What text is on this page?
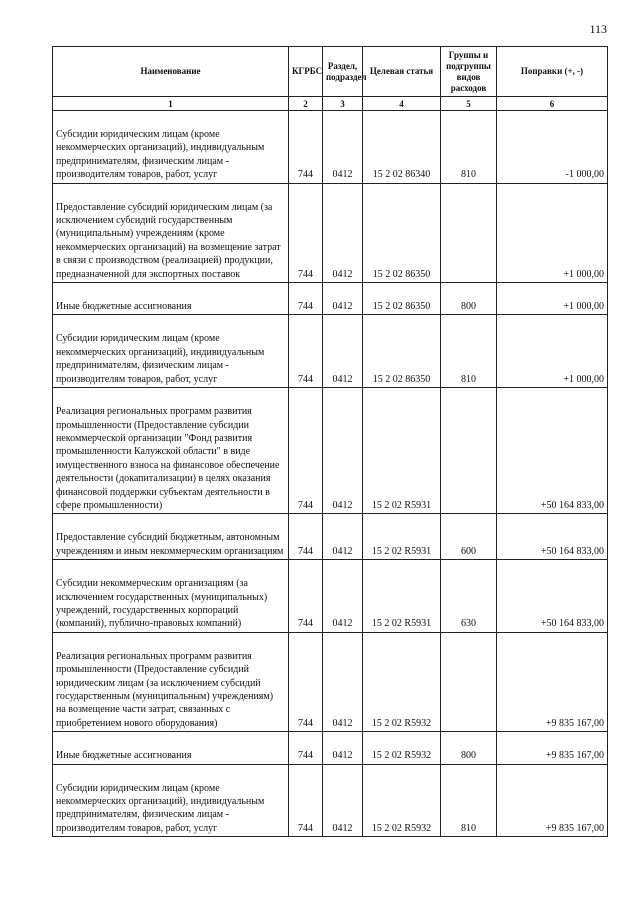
113
Наименование	КГРБС	Раздел, подраздел	Целевая статья	Группы и подгруппы видов расходов	Поправки (+, -)
1	2	3	4	5	6

Субсидии юридическим лицам (кроме некоммерческих организаций), индивидуальным предпринимателям, физическим лицам - производителям товаров, работ, услуг	744	0412	15 2 02 86340	810	-1 000,00

Предоставление субсидий юридическим лицам (за исключением субсидий государственным (муниципальным) учреждениям (кроме некоммерческих организаций) на возмещение затрат в связи с производством (реализацией) продукции, предназначенной для экспортных поставок	744	0412	15 2 02 86350		+1 000,00

Иные бюджетные ассигнования	744	0412	15 2 02 86350	800	+1 000,00

Субсидии юридическим лицам (кроме некоммерческих организаций), индивидуальным предпринимателям, физическим лицам - производителям товаров, работ, услуг	744	0412	15 2 02 86350	810	+1 000,00

Реализация региональных программ развития промышленности (Предоставление субсидии некоммерческой организации "Фонд развития промышленности Калужской области" в виде имущественного взноса на финансовое обеспечение деятельности (докапитализации) в целях оказания финансовой поддержки субъектам деятельности в сфере промышленности)	744	0412	15 2 02 R5931		+50 164 833,00

Предоставление субсидий бюджетным, автономным учреждениям и иным некоммерческим организациям	744	0412	15 2 02 R5931	600	+50 164 833,00

Субсидии некоммерческим организациям (за исключением государственных (муниципальных) учреждений, государственных корпораций (компаний), публично-правовых компаний)	744	0412	15 2 02 R5931	630	+50 164 833,00

Реализация региональных программ развития промышленности (Предоставление субсидий юридическим лицам (за исключением субсидий государственным (муниципальным) учреждениям) на возмещение части затрат, связанных с приобретением нового оборудования)	744	0412	15 2 02 R5932		+9 835 167,00

Иные бюджетные ассигнования	744	0412	15 2 02 R5932	800	+9 835 167,00

Субсидии юридическим лицам (кроме некоммерческих организаций), индивидуальным предпринимателям, физическим лицам - производителям товаров, работ, услуг	744	0412	15 2 02 R5932	810	+9 835 167,00
